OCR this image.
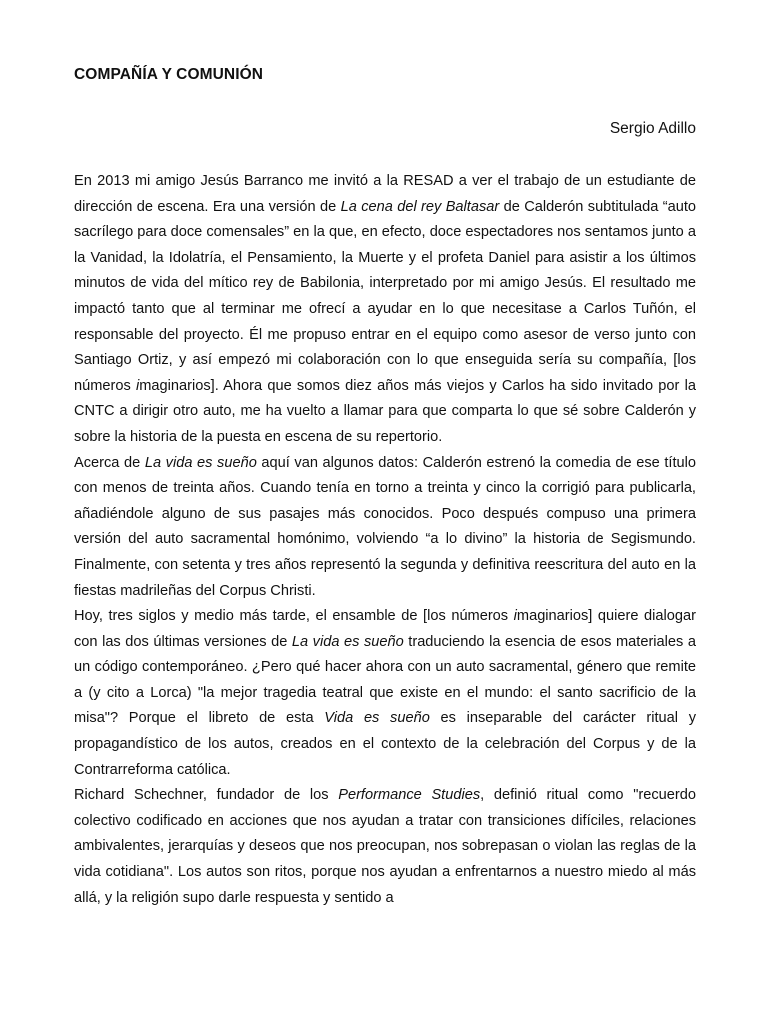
COMPAÑÍA Y COMUNIÓN

Sergio Adillo

En 2013 mi amigo Jesús Barranco me invitó a la RESAD a ver el trabajo de un estudiante de dirección de escena. Era una versión de La cena del rey Baltasar de Calderón subtitulada “auto sacrílego para doce comensales” en la que, en efecto, doce espectadores nos sentamos junto a la Vanidad, la Idolatría, el Pensamiento, la Muerte y el profeta Daniel para asistir a los últimos minutos de vida del mítico rey de Babilonia, interpretado por mi amigo Jesús. El resultado me impactó tanto que al terminar me ofrecí a ayudar en lo que necesitase a Carlos Tuñón, el responsable del proyecto. Él me propuso entrar en el equipo como asesor de verso junto con Santiago Ortiz, y así empezó mi colaboración con lo que enseguida sería su compañía, [los números imaginarios]. Ahora que somos diez años más viejos y Carlos ha sido invitado por la CNTC a dirigir otro auto, me ha vuelto a llamar para que comparta lo que sé sobre Calderón y sobre la historia de la puesta en escena de su repertorio.

Acerca de La vida es sueño aquí van algunos datos: Calderón estrenó la comedia de ese título con menos de treinta años. Cuando tenía en torno a treinta y cinco la corrigió para publicarla, añadiéndole alguno de sus pasajes más conocidos. Poco después compuso una primera versión del auto sacramental homónimo, volviendo “a lo divino” la historia de Segismundo. Finalmente, con setenta y tres años representó la segunda y definitiva reescritura del auto en la fiestas madrileñas del Corpus Christi.

Hoy, tres siglos y medio más tarde, el ensamble de [los números imaginarios] quiere dialogar con las dos últimas versiones de La vida es sueño traduciendo la esencia de esos materiales a un código contemporáneo. ¿Pero qué hacer ahora con un auto sacramental, género que remite a (y cito a Lorca) "la mejor tragedia teatral que existe en el mundo: el santo sacrificio de la misa"? Porque el libreto de esta Vida es sueño es inseparable del carácter ritual y propagandístico de los autos, creados en el contexto de la celebración del Corpus y de la Contrarreforma católica.

Richard Schechner, fundador de los Performance Studies, definió ritual como "recuerdo colectivo codificado en acciones que nos ayudan a tratar con transiciones difíciles, relaciones ambivalentes, jerarquías y deseos que nos preocupan, nos sobrepasan o violan las reglas de la vida cotidiana". Los autos son ritos, porque nos ayudan a enfrentarnos a nuestro miedo al más allá, y la religión supo darle respuesta y sentido a
